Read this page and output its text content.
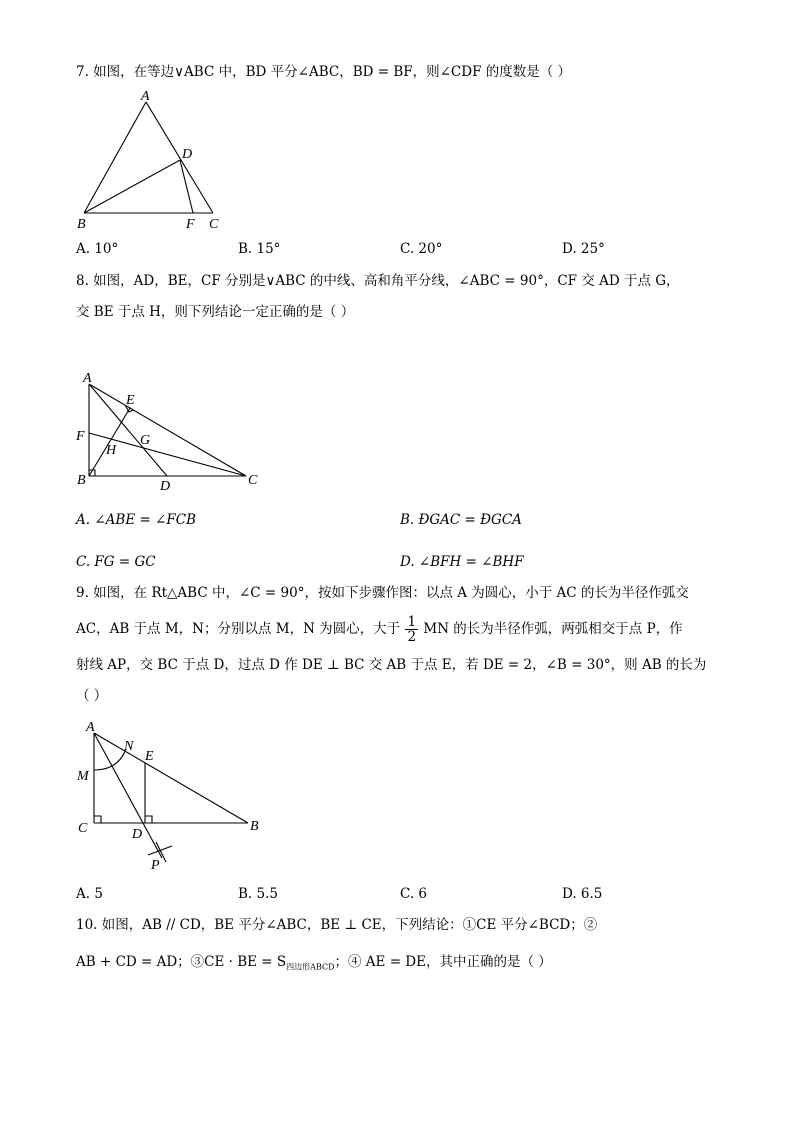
7. 如图，在等边∨ABC 中，BD 平分∠ABC，BD = BF，则∠CDF 的度数是（ ）
A
B	C
D
F
A. 10°	B. 15°	C. 20°	D. 25°
8. 如图，AD，BE，CF 分别是∨ABC 的中线、高和角平分线，∠ABC = 90°，CF 交 AD 于点 G，
交 BE 于点 H，则下列结论一定正确的是（ ）
A
B	C
D
E
F	G
H
A. ∠ABE = ∠FCB	B. ĐGAC = ĐGCA
C. FG = GC	D. ∠BFH = ∠BHF
9. 如图，在 Rt△ABC 中，∠C = 90°，按如下步骤作图：以点 A 为圆心，小于 AC 的长为半径作弧交
AC，AB 于点 M，N；分别以点 M，N 为圆心，大于 $\frac{1}{2}$ MN 的长为半径作弧，两弧相交于点 P，作
射线 AP，交 BC 于点 D，过点 D 作 DE ⊥ BC 交 AB 于点 E，若 DE = 2，∠B = 30°，则 AB 的长为
（ ）
A
B
C	D
E
M
N
P
A. 5	B. 5.5	C. 6	D. 6.5
10. 如图，AB // CD，BE 平分∠ABC，BE ⊥ CE，下列结论：①CE 平分∠BCD；②
AB + CD = AD；③CE · BE = $S_{四边形ABCD}$；④ AE = DE，其中正确的是（ ）
